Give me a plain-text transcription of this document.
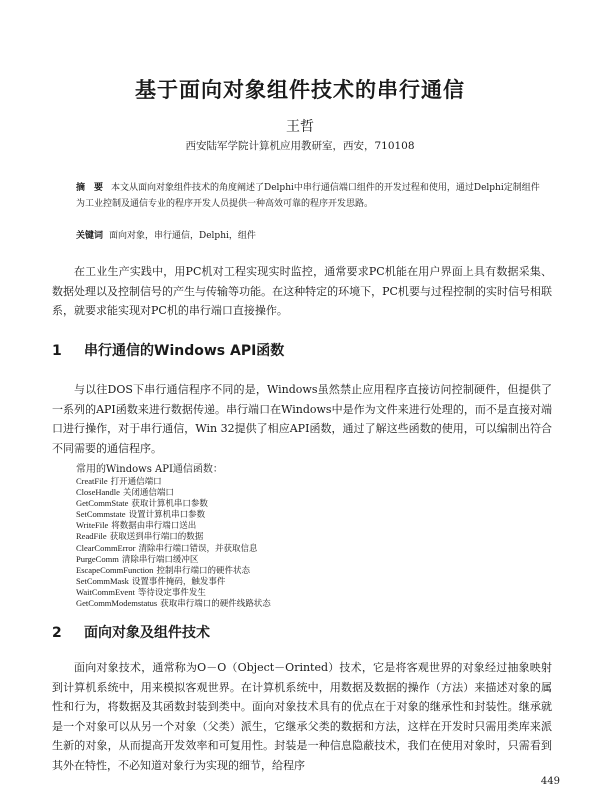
基于面向对象组件技术的串行通信
王哲
西安陆军学院计算机应用教研室，西安，710108
摘　要 本文从面向对象组件技术的角度阐述了Delphi中串行通信端口组件的开发过程和使用，通过Delphi定制组件为工业控制及通信专业的程序开发人员提供一种高效可靠的程序开发思路。
关键词 面向对象，串行通信，Delphi，组件
在工业生产实践中，用PC机对工程实现实时监控，通常要求PC机能在用户界面上具有数据采集、数据处理以及控制信号的产生与传输等功能。在这种特定的环境下，PC机要与过程控制的实时信号相联系，就要求能实现对PC机的串行端口直接操作。
1 串行通信的Windows API函数
与以往DOS下串行通信程序不同的是，Windows虽然禁止应用程序直接访问控制硬件，但提供了一系列的API函数来进行数据传递。串行端口在Windows中是作为文件来进行处理的，而不是直接对端口进行操作，对于串行通信，Win 32提供了相应API函数，通过了解这些函数的使用，可以编制出符合不同需要的通信程序。
常用的Windows API通信函数：
CreatFile 打开通信端口
CloseHandle 关闭通信端口
GetCommState 获取计算机串口参数
SetCommstate 设置计算机串口参数
WriteFile 将数据由串行端口送出
ReadFile 获取送到串行端口的数据
ClearCommError 清除串行端口错误，并获取信息
PurgeComm 清除串行端口缓冲区
EscapeCommFunction 控制串行端口的硬件状态
SetCommMask 设置事件掩码，触发事件
WaitCommEvent 等待设定事件发生
GetCommModemstatus 获取串行端口的硬件线路状态
2 面向对象及组件技术
面向对象技术，通常称为O－O（Object－Orinted）技术，它是将客观世界的对象经过抽象映射到计算机系统中，用来模拟客观世界。在计算机系统中，用数据及数据的操作（方法）来描述对象的属性和行为，将数据及其函数封装到类中。面向对象技术具有的优点在于对象的继承性和封装性。继承就是一个对象可以从另一个对象（父类）派生，它继承父类的数据和方法，这样在开发时只需用类库来派生新的对象，从而提高开发效率和可复用性。封装是一种信息隐蔽技术，我们在使用对象时，只需看到其外在特性，不必知道对象行为实现的细节，给程序
449
